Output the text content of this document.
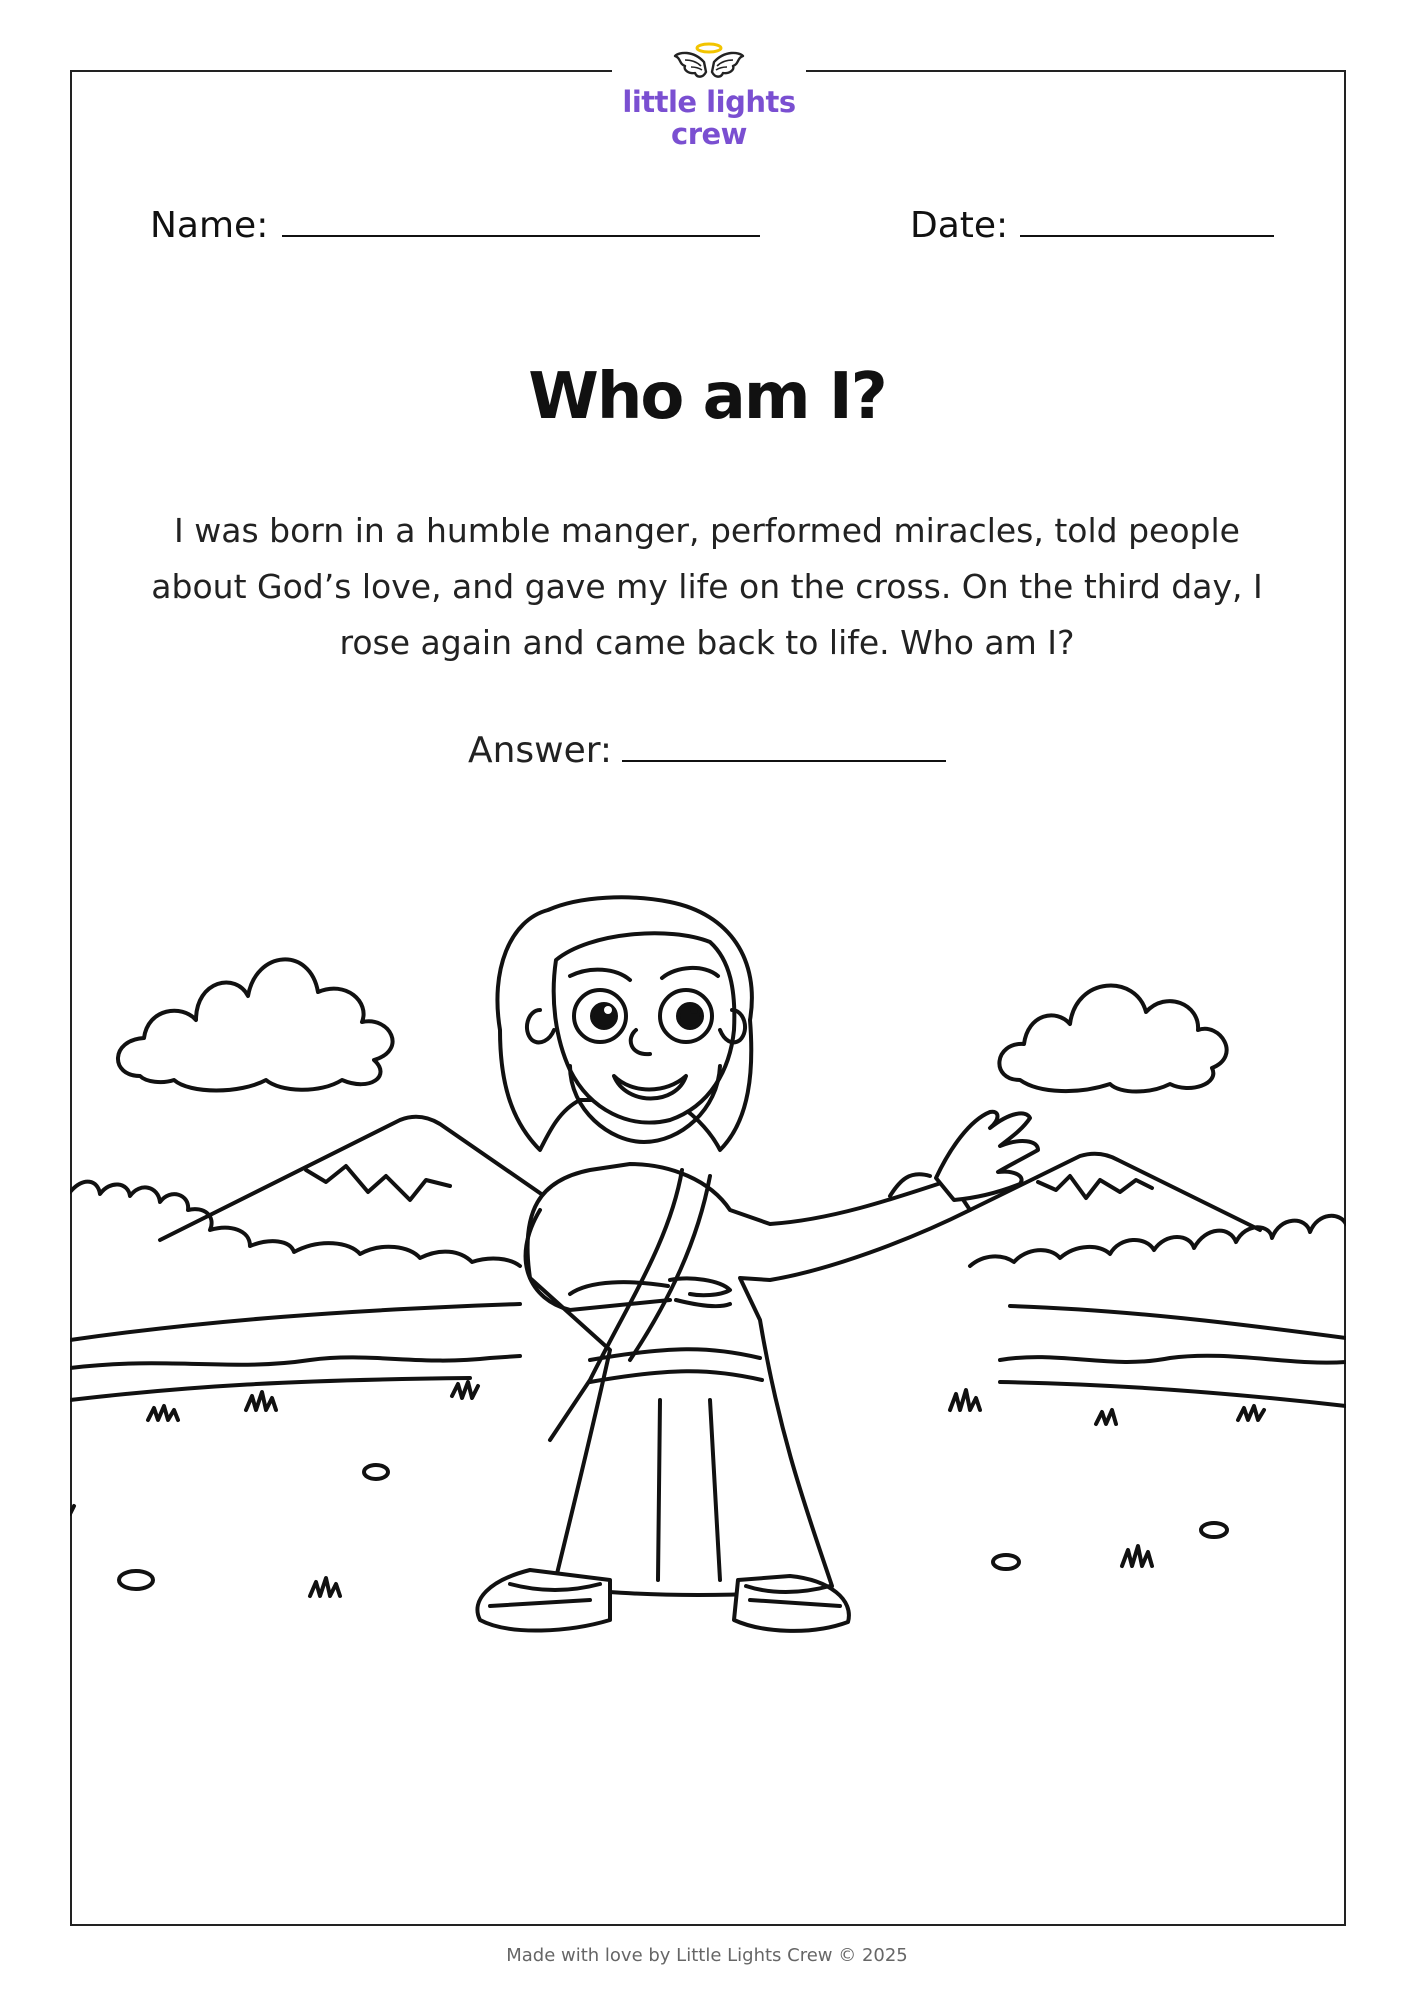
little lights
crew
Name:	Date:
Who am I?
I was born in a humble manger, performed miracles, told people about God’s love, and gave my life on the cross. On the third day, I rose again and came back to life. Who am I?
Answer:
Made with love by Little Lights Crew © 2025
